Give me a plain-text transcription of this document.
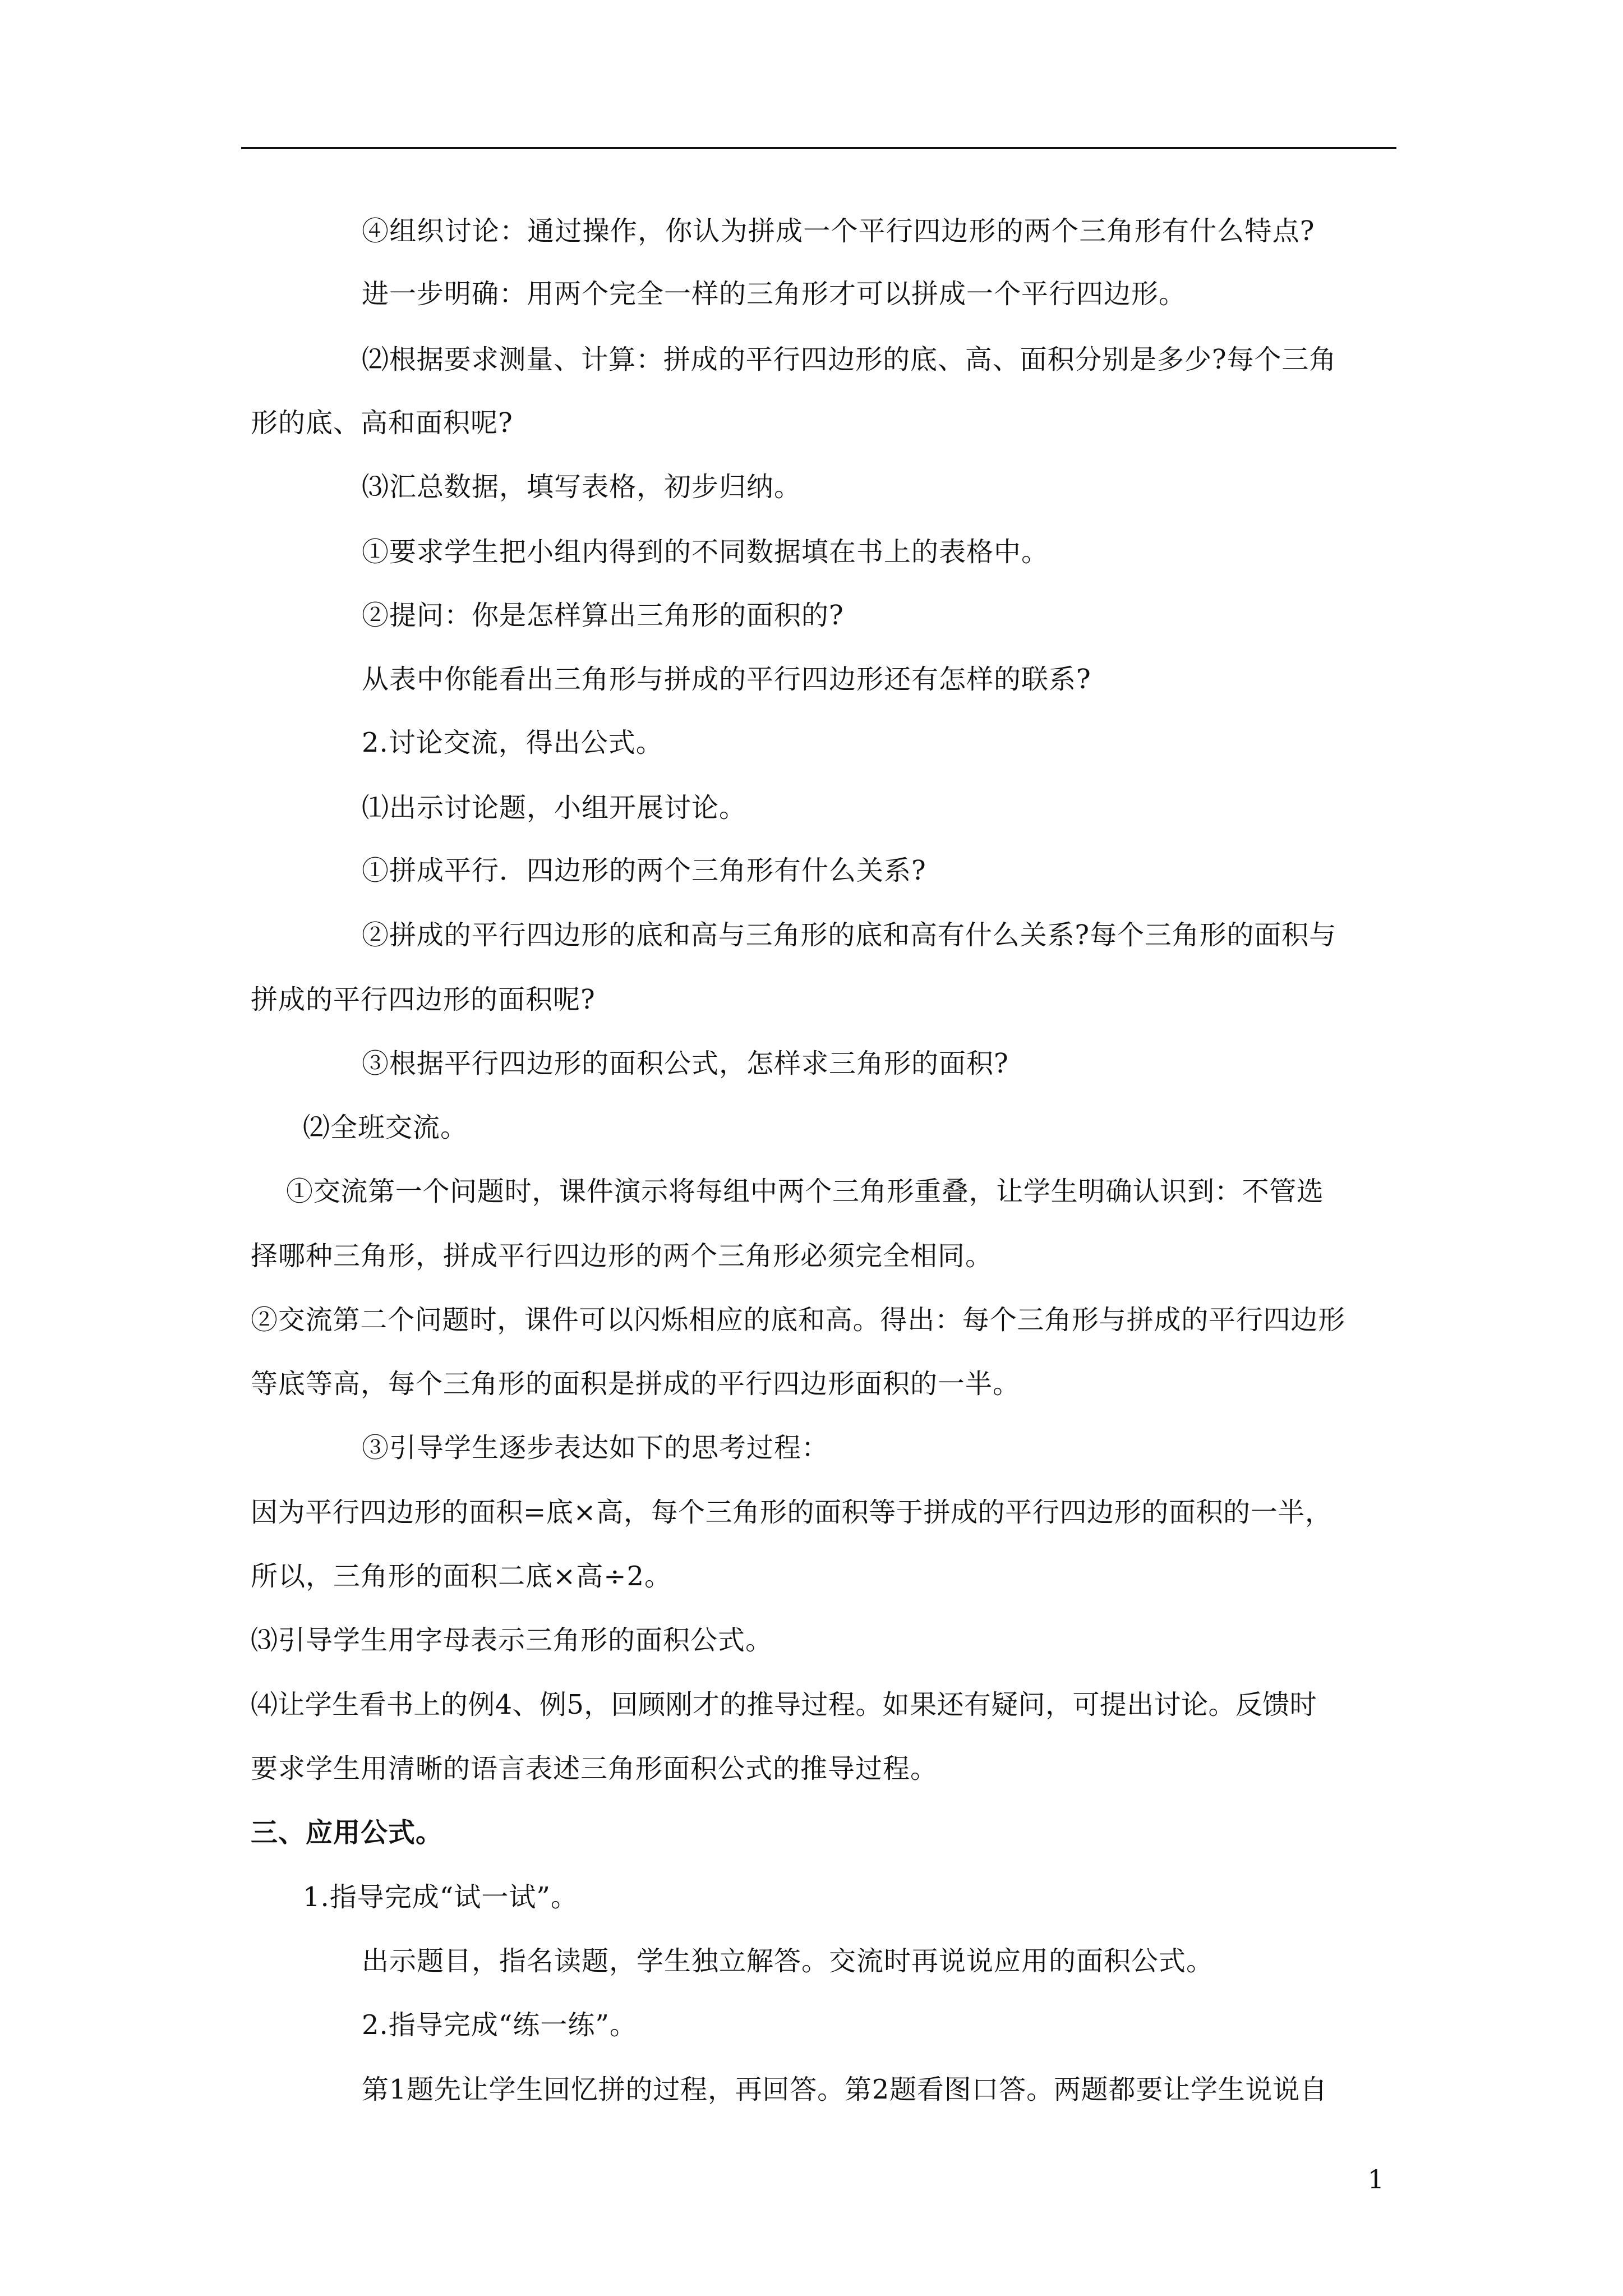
④组织讨论：通过操作，你认为拼成一个平行四边形的两个三角形有什么特点?
进一步明确：用两个完全一样的三角形才可以拼成一个平行四边形。
⑵根据要求测量、计算：拼成的平行四边形的底、高、面积分别是多少?每个三角
形的底、高和面积呢?
⑶汇总数据，填写表格，初步归纳。
①要求学生把小组内得到的不同数据填在书上的表格中。
②提问：你是怎样算出三角形的面积的?
从表中你能看出三角形与拼成的平行四边形还有怎样的联系?
2.讨论交流，得出公式。
⑴出示讨论题，小组开展讨论。
①拼成平行．四边形的两个三角形有什么关系?
②拼成的平行四边形的底和高与三角形的底和高有什么关系?每个三角形的面积与
拼成的平行四边形的面积呢?
③根据平行四边形的面积公式，怎样求三角形的面积?
⑵全班交流。
①交流第一个问题时，课件演示将每组中两个三角形重叠，让学生明确认识到：不管选
择哪种三角形，拼成平行四边形的两个三角形必须完全相同。
②交流第二个问题时，课件可以闪烁相应的底和高。得出：每个三角形与拼成的平行四边形
等底等高，每个三角形的面积是拼成的平行四边形面积的一半。
③引导学生逐步表达如下的思考过程：
因为平行四边形的面积=底×高，每个三角形的面积等于拼成的平行四边形的面积的一半，
所以，三角形的面积二底×高÷2。
⑶引导学生用字母表示三角形的面积公式。
⑷让学生看书上的例4、例5，回顾刚才的推导过程。如果还有疑问，可提出讨论。反馈时
要求学生用清晰的语言表述三角形面积公式的推导过程。
三、应用公式。
1.指导完成“试一试”。
出示题目，指名读题，学生独立解答。交流时再说说应用的面积公式。
2.指导完成“练一练”。
第1题先让学生回忆拼的过程，再回答。第2题看图口答。两题都要让学生说说自
1
